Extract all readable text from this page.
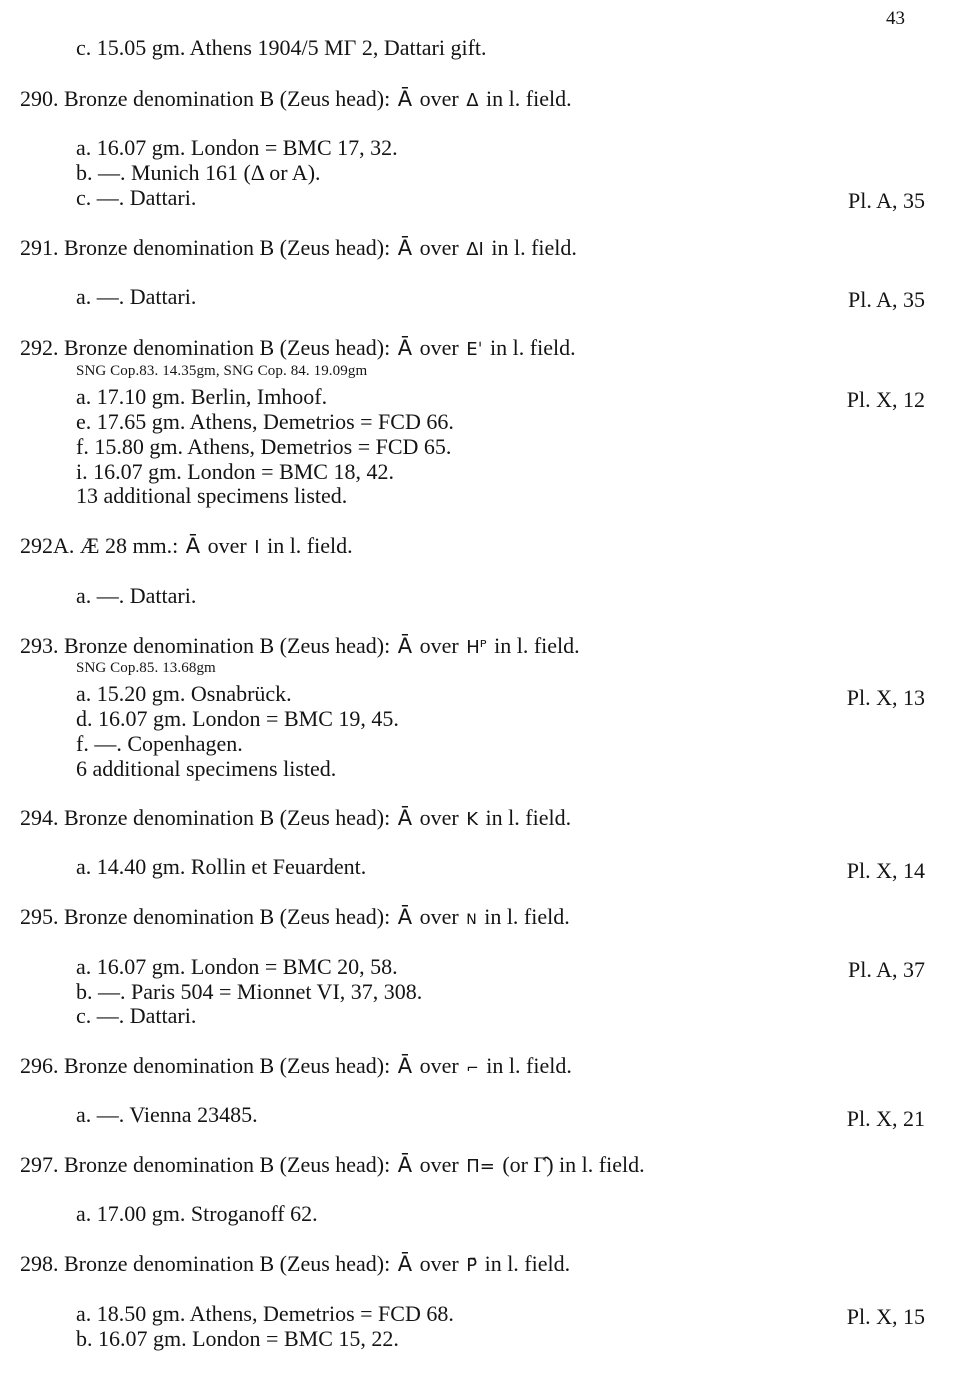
43
c. 15.05 gm. Athens 1904/5 ΜΓ 2, Dattari gift.
290. Bronze denomination B (Zeus head): Ā over Δ in l. field.
a. 16.07 gm. London = BMC 17, 32.
b. —. Munich 161 (Δ or A).
c. —. Dattari.	Pl. A, 35
291. Bronze denomination B (Zeus head): Ā over ΔΙ in l. field.
a. —. Dattari.	Pl. A, 35
292. Bronze denomination B (Zeus head): Ā over Eˈ in l. field.
SNG Cop.83. 14.35gm, SNG Cop. 84. 19.09gm
a. 17.10 gm. Berlin, Imhoof.	Pl. X, 12
e. 17.65 gm. Athens, Demetrios = FCD 66.
f. 15.80 gm. Athens, Demetrios = FCD 65.
i. 16.07 gm. London = BMC 18, 42.
13 additional specimens listed.
292A. Æ 28 mm.: Ā over Ι in l. field.
a. —. Dattari.
293. Bronze denomination B (Zeus head): Ā over Ηᴾ in l. field.
SNG Cop.85. 13.68gm
a. 15.20 gm. Osnabrück.	Pl. X, 13
d. 16.07 gm. London = BMC 19, 45.
f. —. Copenhagen.
6 additional specimens listed.
294. Bronze denomination B (Zeus head): Ā over Κ in l. field.
a. 14.40 gm. Rollin et Feuardent.	Pl. X, 14
295. Bronze denomination B (Zeus head): Ā over Ν in l. field.
a. 16.07 gm. London = BMC 20, 58.	Pl. A, 37
b. —. Paris 504 = Mionnet VI, 37, 308.
c. —. Dattari.
296. Bronze denomination B (Zeus head): Ā over ⌐ in l. field.
a. —. Vienna 23485.	Pl. X, 21
297. Bronze denomination B (Zeus head): Ā over Π= (or Γ̂) in l. field.
a. 17.00 gm. Stroganoff 62.
298. Bronze denomination B (Zeus head): Ā over Ρ̄ in l. field.
a. 18.50 gm. Athens, Demetrios = FCD 68.	Pl. X, 15
b. 16.07 gm. London = BMC 15, 22.
